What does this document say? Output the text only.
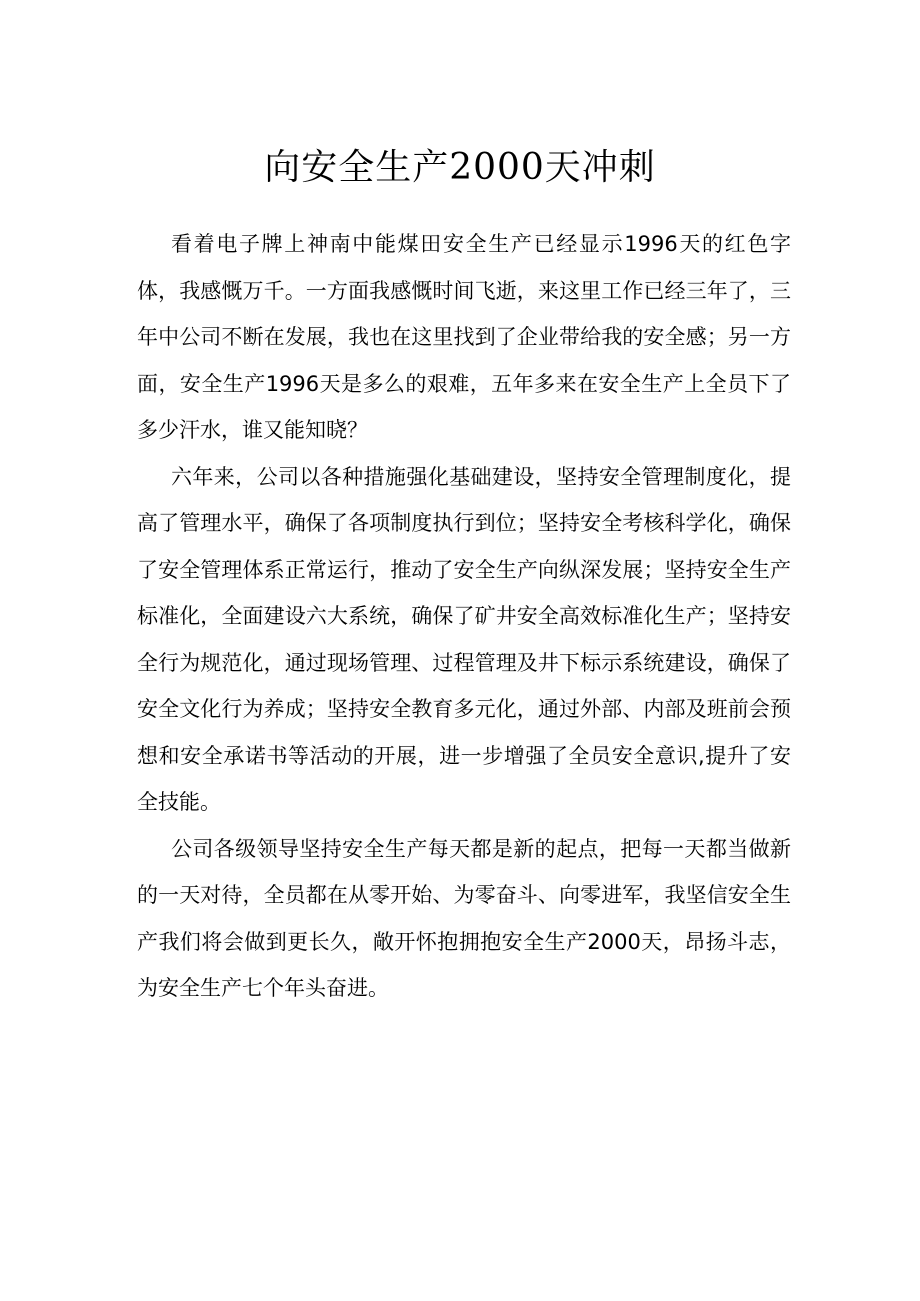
向安全生产2000天冲刺

看着电子牌上神南中能煤田安全生产已经显示1996天的红色字体，我感慨万千。一方面我感慨时间飞逝，来这里工作已经三年了，三年中公司不断在发展，我也在这里找到了企业带给我的安全感；另一方面，安全生产1996天是多么的艰难，五年多来在安全生产上全员下了多少汗水，谁又能知晓？

六年来，公司以各种措施强化基础建设，坚持安全管理制度化，提高了管理水平，确保了各项制度执行到位；坚持安全考核科学化，确保了安全管理体系正常运行，推动了安全生产向纵深发展；坚持安全生产标准化，全面建设六大系统，确保了矿井安全高效标准化生产；坚持安全行为规范化，通过现场管理、过程管理及井下标示系统建设，确保了安全文化行为养成；坚持安全教育多元化，通过外部、内部及班前会预想和安全承诺书等活动的开展，进一步增强了全员安全意识,提升了安全技能。

公司各级领导坚持安全生产每天都是新的起点，把每一天都当做新的一天对待，全员都在从零开始、为零奋斗、向零进军，我坚信安全生产我们将会做到更长久，敞开怀抱拥抱安全生产2000天，昂扬斗志，为安全生产七个年头奋进。
